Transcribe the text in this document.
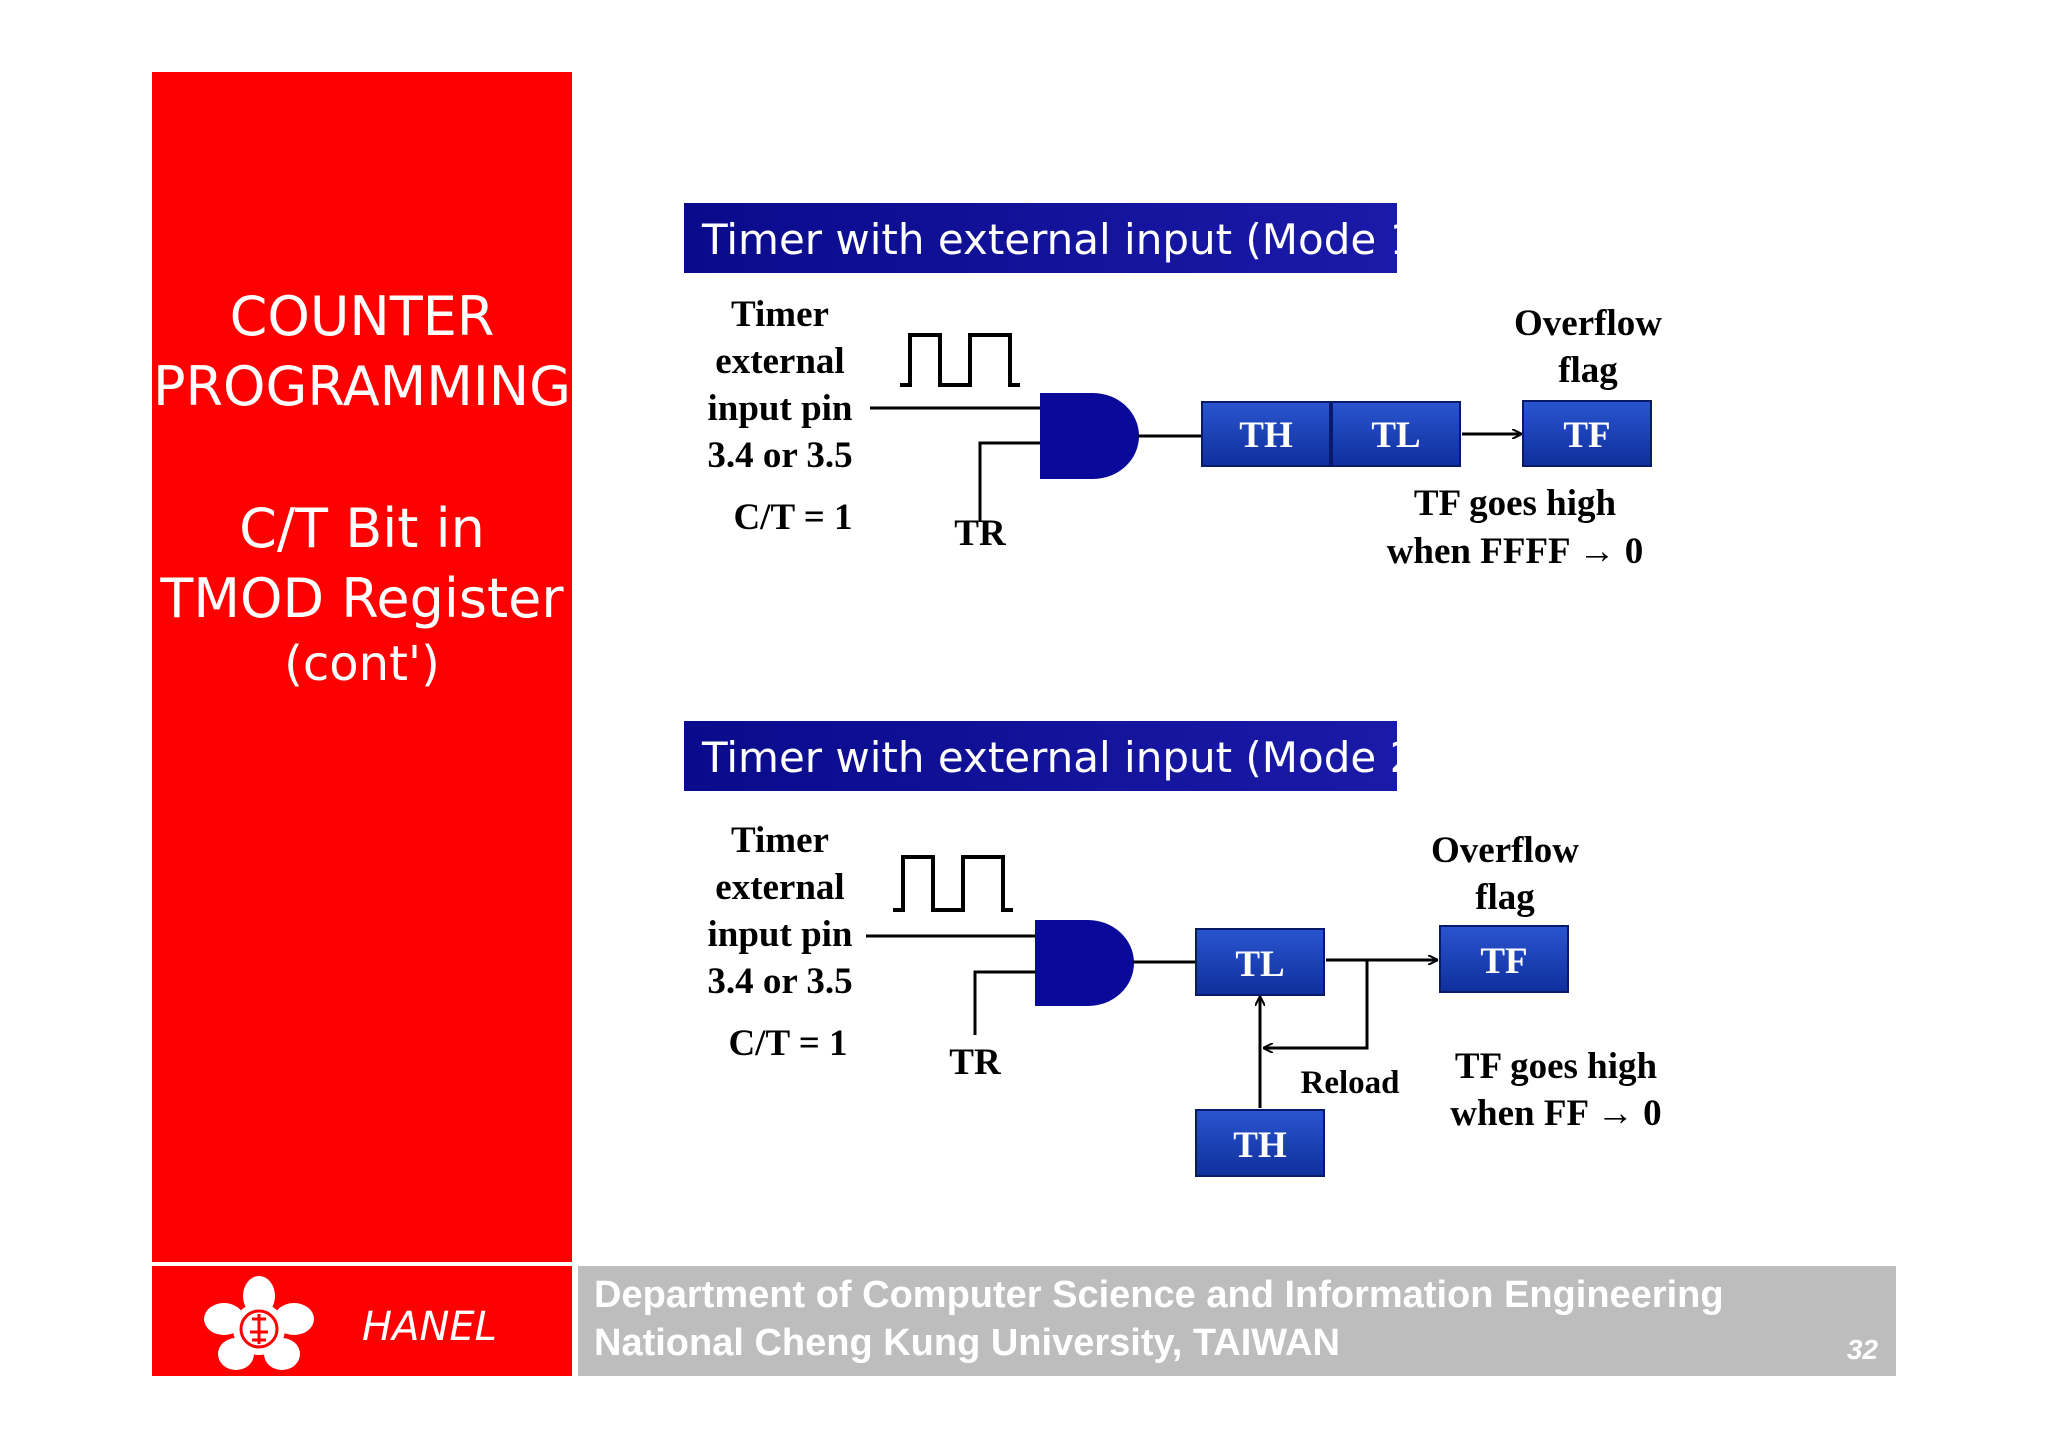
COUNTER
PROGRAMMING
C/T Bit in
TMOD Register
(cont')
HANEL
Department of Computer Science and Information Engineering
National Cheng Kung University, TAIWAN	32
Timer with external input (Mode 1)
Timer
external
input pin
3.4 or 3.5
C/T = 1	TR
TH TL	TF
Overflow
flag
TF goes high
when FFFF → 0
Timer with external input (Mode 2)
Timer
external
input pin
3.4 or 3.5
C/T = 1	TR
TL	TF
TH
Reload
Overflow
flag
TF goes high
when FF → 0
